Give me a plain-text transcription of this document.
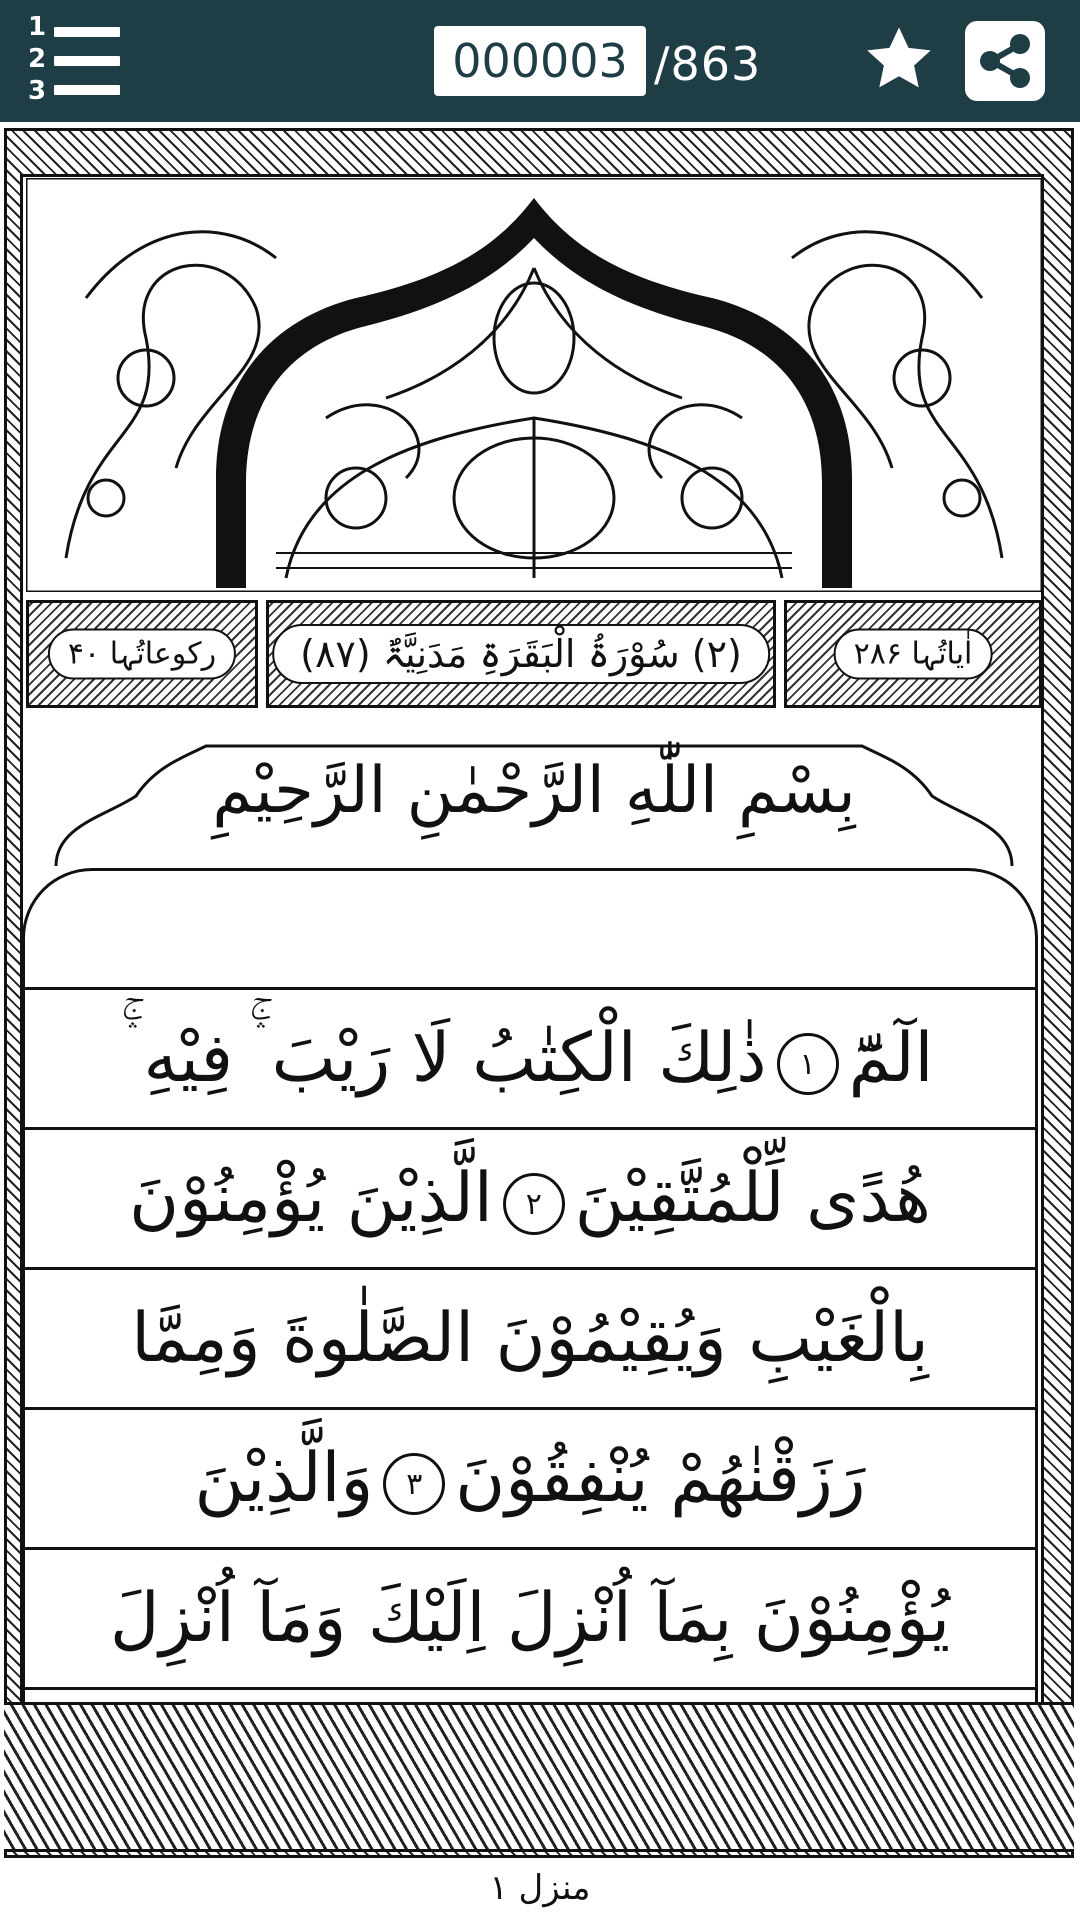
1
2
3
000003	/863
رکوعاتُہا ۴۰	(۲) سُوْرَۃُ الْبَقَرَۃِ مَدَنِیَّۃٌ (۸۷)	اٰیاتُہا ۲۸۶
بِسْمِ اللّٰهِ الرَّحْمٰنِ الرَّحِيْمِ
الٓمّٓ۱ذٰلِكَ الْكِتٰبُ لَا رَيْبَ ۛۚ فِيْهِ ۛۚ
هُدًى لِّلْمُتَّقِيْنَ۲الَّذِيْنَ يُؤْمِنُوْنَ
بِالْغَيْبِ وَيُقِيْمُوْنَ الصَّلٰوةَ وَمِمَّا
رَزَقْنٰهُمْ يُنْفِقُوْنَ۳وَالَّذِيْنَ
يُؤْمِنُوْنَ بِمَآ اُنْزِلَ اِلَيْكَ وَمَآ اُنْزِلَ
منزل ۱
